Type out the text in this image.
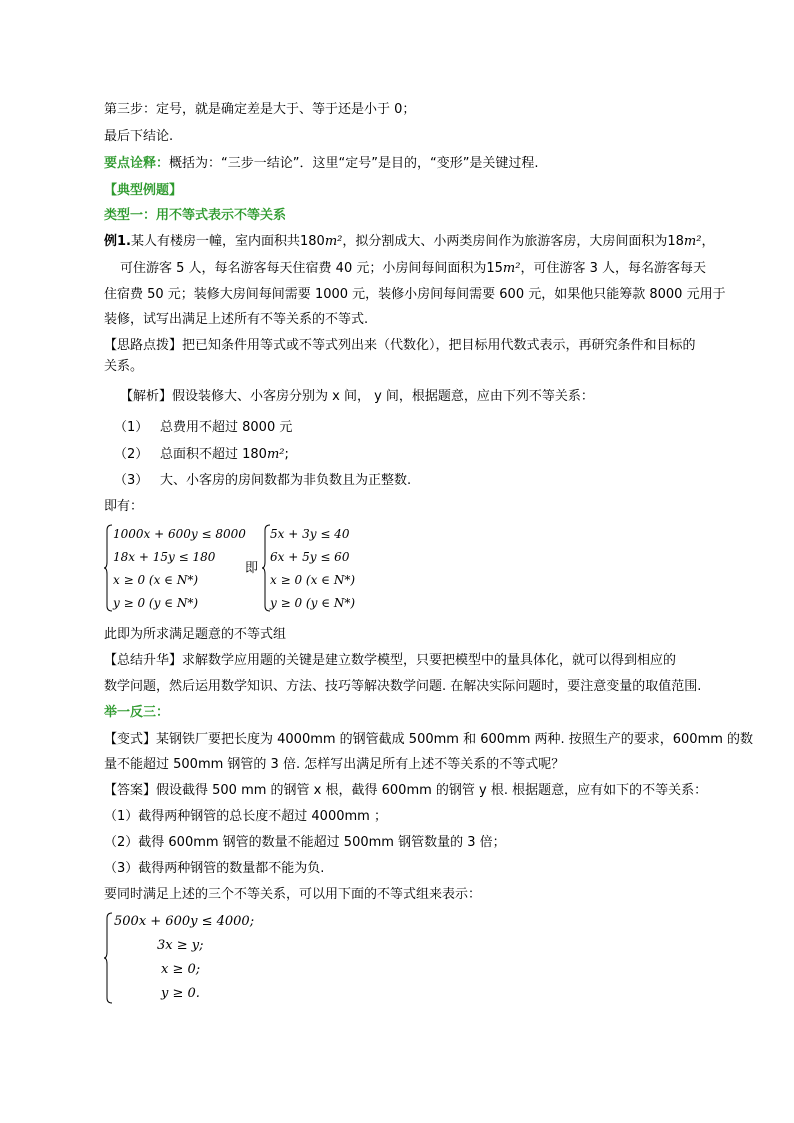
第三步：定号，就是确定差是大于、等于还是小于 0；
最后下结论.
要点诠释：概括为：“三步一结论”．这里“定号”是目的，“变形”是关键过程.
【典型例题】
类型一：用不等式表示不等关系
例1.某人有楼房一幢，室内面积共180m²，拟分割成大、小两类房间作为旅游客房，大房间面积为18m²，
可住游客 5 人，每名游客每天住宿费 40 元；小房间每间面积为15m²，可住游客 3 人，每名游客每天
住宿费 50 元；装修大房间每间需要 1000 元，装修小房间每间需要 600 元，如果他只能筹款 8000 元用于
装修，试写出满足上述所有不等关系的不等式.
【思路点拨】把已知条件用等式或不等式列出来（代数化），把目标用代数式表示，再研究条件和目标的
关系。
【解析】假设装修大、小客房分别为 x 间， y 间，根据题意，应由下列不等关系：
（1） 总费用不超过 8000 元
（2） 总面积不超过 180m²;
（3） 大、小客房的房间数都为非负数且为正整数.
即有：
1000x + 600y ≤ 8000
18x + 15y ≤ 180
x ≥ 0 (x ∈ N*)
y ≥ 0 (y ∈ N*)
即
5x + 3y ≤ 40
6x + 5y ≤ 60
x ≥ 0 (x ∈ N*)
y ≥ 0 (y ∈ N*)
此即为所求满足题意的不等式组
【总结升华】求解数学应用题的关键是建立数学模型，只要把模型中的量具体化，就可以得到相应的
数学问题，然后运用数学知识、方法、技巧等解决数学问题. 在解决实际问题时，要注意变量的取值范围.
举一反三：
【变式】某钢铁厂要把长度为 4000mm 的钢管截成 500mm 和 600mm 两种. 按照生产的要求，600mm 的数
量不能超过 500mm 钢管的 3 倍. 怎样写出满足所有上述不等关系的不等式呢？
【答案】假设截得 500 mm 的钢管 x 根，截得 600mm 的钢管 y 根. 根据题意，应有如下的不等关系：
（1）截得两种钢管的总长度不超过 4000mm ；
（2）截得 600mm 钢管的数量不能超过 500mm 钢管数量的 3 倍；
（3）截得两种钢管的数量都不能为负.
要同时满足上述的三个不等关系，可以用下面的不等式组来表示：
500x + 600y ≤ 4000;
3x ≥ y;
x ≥ 0;
y ≥ 0.
